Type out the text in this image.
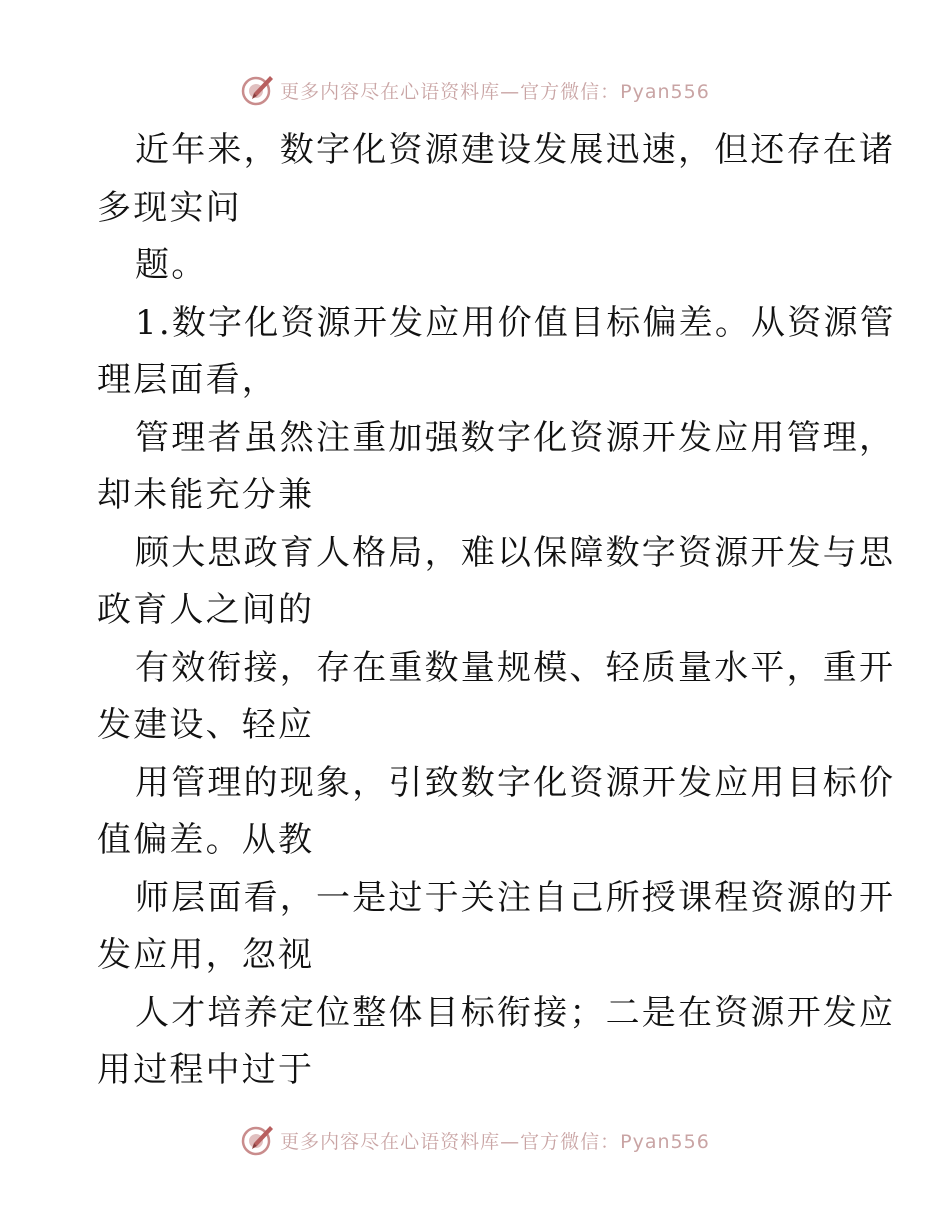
更多内容尽在心语资料库—官方微信：Pyan556
近年来，数字化资源建设发展迅速，但还存在诸
多现实问
题。
1.数字化资源开发应用价值目标偏差。从资源管
理层面看，
管理者虽然注重加强数字化资源开发应用管理，
却未能充分兼
顾大思政育人格局，难以保障数字资源开发与思
政育人之间的
有效衔接，存在重数量规模、轻质量水平，重开
发建设、轻应
用管理的现象，引致数字化资源开发应用目标价
值偏差。从教
师层面看，一是过于关注自己所授课程资源的开
发应用，忽视
人才培养定位整体目标衔接；二是在资源开发应
用过程中过于
更多内容尽在心语资料库—官方微信：Pyan556
